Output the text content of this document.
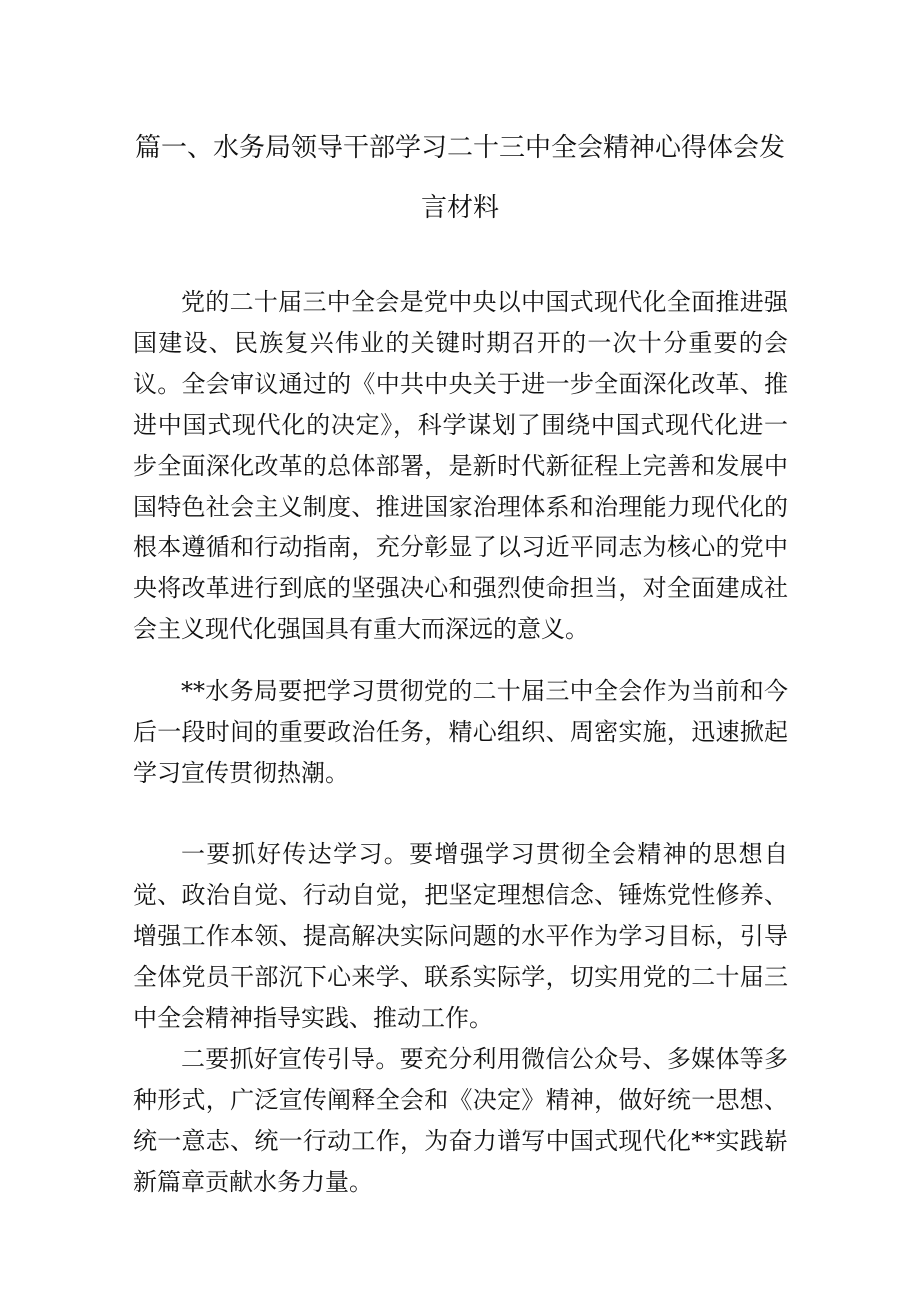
篇一、水务局领导干部学习二十三中全会精神心得体会发
言材料

党的二十届三中全会是党中央以中国式现代化全面推进强国建设、民族复兴伟业的关键时期召开的一次十分重要的会议。全会审议通过的《中共中央关于进一步全面深化改革、推进中国式现代化的决定》，科学谋划了围绕中国式现代化进一步全面深化改革的总体部署，是新时代新征程上完善和发展中国特色社会主义制度、推进国家治理体系和治理能力现代化的根本遵循和行动指南，充分彰显了以习近平同志为核心的党中央将改革进行到底的坚强决心和强烈使命担当，对全面建成社会主义现代化强国具有重大而深远的意义。

**水务局要把学习贯彻党的二十届三中全会作为当前和今后一段时间的重要政治任务，精心组织、周密实施，迅速掀起学习宣传贯彻热潮。

一要抓好传达学习。要增强学习贯彻全会精神的思想自觉、政治自觉、行动自觉，把坚定理想信念、锤炼党性修养、增强工作本领、提高解决实际问题的水平作为学习目标，引导全体党员干部沉下心来学、联系实际学，切实用党的二十届三中全会精神指导实践、推动工作。

二要抓好宣传引导。要充分利用微信公众号、多媒体等多种形式，广泛宣传阐释全会和《决定》精神，做好统一思想、统一意志、统一行动工作，为奋力谱写中国式现代化**实践崭新篇章贡献水务力量。
